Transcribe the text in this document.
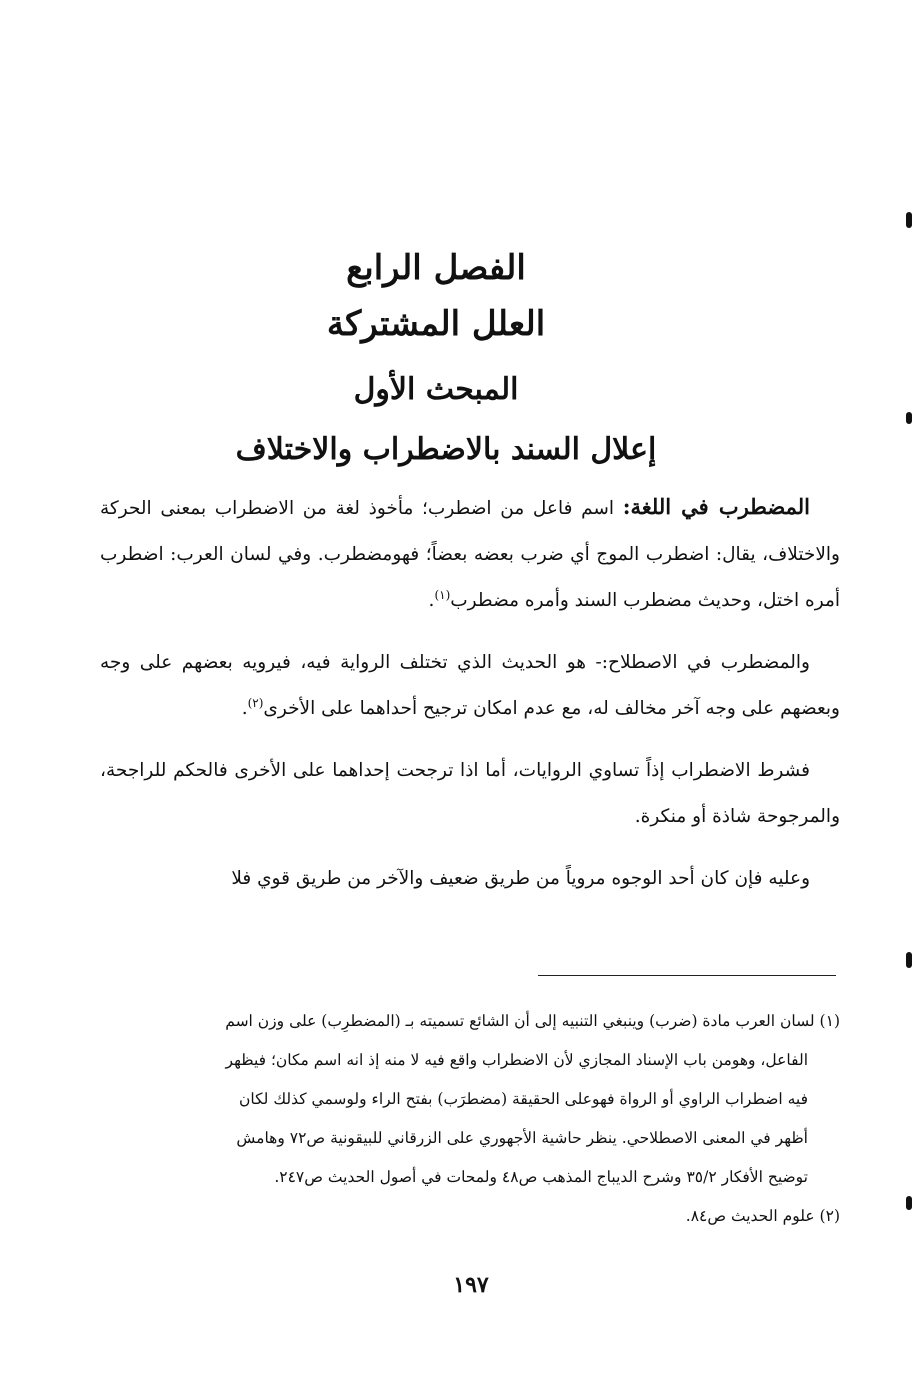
الفصل الرابع
العلل المشتركة
المبحث الأول
إعلال السند بالاضطراب والاختلاف

المضطرب في اللغة: اسم فاعل من اضطرب؛ مأخوذ لغة من الاضطراب بمعنى الحركة والاختلاف، يقال: اضطرب الموج أي ضرب بعضه بعضاً؛ فهومضطرب. وفي لسان العرب: اضطرب أمره اختل، وحديث مضطرب السند وأمره مضطرب$^{(١)}$.

والمضطرب في الاصطلاح:- هو الحديث الذي تختلف الرواية فيه، فيرويه بعضهم على وجه وبعضهم على وجه آخر مخالف له، مع عدم امكان ترجيح أحداهما على الأخرى$^{(٢)}$.

فشرط الاضطراب إذاً تساوي الروايات، أما اذا ترجحت إحداهما على الأخرى فالحكم للراجحة، والمرجوحة شاذة أو منكرة.

وعليه فإن كان أحد الوجوه مروياً من طريق ضعيف والآخر من طريق قوي فلا

(١) لسان العرب مادة (ضرب) وينبغي التنبيه إلى أن الشائع تسميته بـ (المضطرِب) على وزن اسم

الفاعل، وهومن باب الإسناد المجازي لأن الاضطراب واقع فيه لا منه إذ انه اسم مكان؛ فيظهر

فيه اضطراب الراوي أو الرواة فهوعلى الحقيقة (مضطرَب) بفتح الراء ولوسمي كذلك لكان

أظهر في المعنى الاصطلاحي. ينظر حاشية الأجهوري على الزرقاني للبيقونية ص٧٢ وهامش

توضيح الأفكار ٣٥/٢ وشرح الديباج المذهب ص٤٨ ولمحات في أصول الحديث ص٢٤٧.

(٢) علوم الحديث ص٨٤.

١٩٧
